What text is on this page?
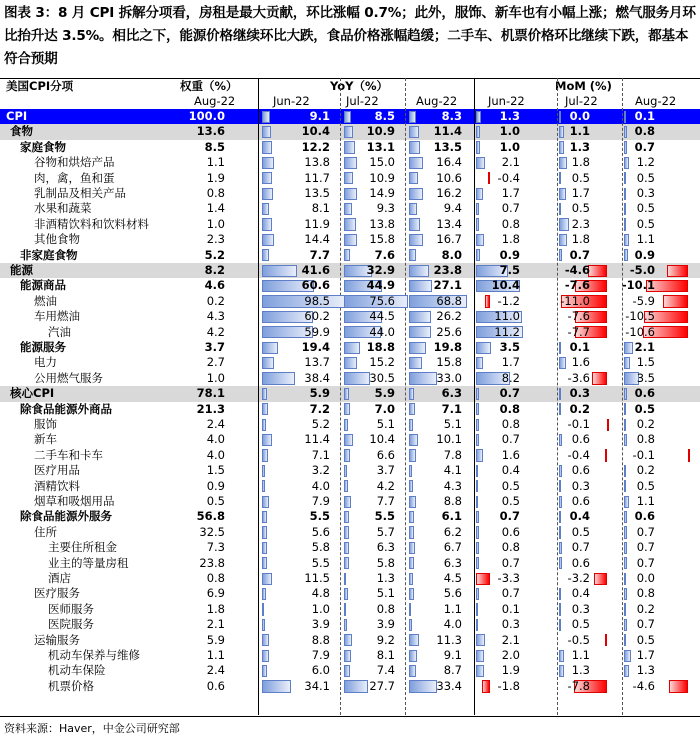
图表 3：8 月 CPI 拆解分项看，房租是最大贡献，环比涨幅 0.7%；此外，服饰、新车也有小幅上涨；燃气服务月环比抬升达 3.5%。相比之下，能源价格继续环比大跌，食品价格涨幅趋缓；二手车、机票价格环比继续下跌，都基本符合预期
美国CPI分项	权重（%）	YoY（%）	MoM (%)
Aug-22	Jun-22	Jul-22	Aug-22	Jun-22	Jul-22	Aug-22
CPI	100.0	9.1	8.5	8.3	1.3	0.0	0.1
食物	13.6	10.4	10.9	11.4	1.0	1.1	0.8
家庭食物	8.5	12.2	13.1	13.5	1.0	1.3	0.7
谷物和烘焙产品	1.1	13.8	15.0	16.4	2.1	1.8	1.2
肉，禽，鱼和蛋	1.9	11.7	10.9	10.6	-0.4	0.5	0.5
乳制品及相关产品	0.8	13.5	14.9	16.2	1.7	1.7	0.3
水果和蔬菜	1.4	8.1	9.3	9.4	0.7	0.5	0.5
非酒精饮料和饮料材料	1.0	11.9	13.8	13.4	0.8	2.3	0.5
其他食物	2.3	14.4	15.8	16.7	1.8	1.8	1.1
非家庭食物	5.2	7.7	7.6	8.0	0.9	0.7	0.9
能源	8.2	41.6	32.9	23.8	7.5	-4.6	-5.0
能源商品	4.6	60.6	44.9	27.1	10.4	-7.6	-10.1
燃油	0.2	98.5	75.6	68.8	-1.2	-11.0	-5.9
车用燃油	4.3	60.2	44.5	26.2	11.0	-7.6	-10.5
汽油	4.2	59.9	44.0	25.6	11.2	-7.7	-10.6
能源服务	3.7	19.4	18.8	19.8	3.5	0.1	2.1
电力	2.7	13.7	15.2	15.8	1.7	1.6	1.5
公用燃气服务	1.0	38.4	30.5	33.0	8.2	-3.6	3.5
核心CPI	78.1	5.9	5.9	6.3	0.7	0.3	0.6
除食品能源外商品	21.3	7.2	7.0	7.1	0.8	0.2	0.5
服饰	2.4	5.2	5.1	5.1	0.8	-0.1	0.2
新车	4.0	11.4	10.4	10.1	0.7	0.6	0.8
二手车和卡车	4.0	7.1	6.6	7.8	1.6	-0.4	-0.1
医疗用品	1.5	3.2	3.7	4.1	0.4	0.6	0.2
酒精饮料	0.9	4.0	4.2	4.3	0.5	0.3	0.5
烟草和吸烟用品	0.5	7.9	7.7	8.8	0.5	0.6	1.1
除食品能源外服务	56.8	5.5	5.5	6.1	0.7	0.4	0.6
住所	32.5	5.6	5.7	6.2	0.6	0.5	0.7
主要住所租金	7.3	5.8	6.3	6.7	0.8	0.7	0.7
业主的等量房租	23.8	5.5	5.8	6.3	0.7	0.6	0.7
酒店	0.8	11.5	1.3	4.5	-3.3	-3.2	0.0
医疗服务	6.9	4.8	5.1	5.6	0.7	0.4	0.8
医师服务	1.8	1.0	0.8	1.1	0.1	0.3	0.2
医院服务	2.1	3.9	3.9	4.0	0.3	0.5	0.7
运输服务	5.9	8.8	9.2	11.3	2.1	-0.5	0.5
机动车保养与维修	1.1	7.9	8.1	9.1	2.0	1.1	1.7
机动车保险	2.4	6.0	7.4	8.7	1.9	1.3	1.3
机票价格	0.6	34.1	27.7	33.4	-1.8	-7.8	-4.6
资料来源：Haver，中金公司研究部
